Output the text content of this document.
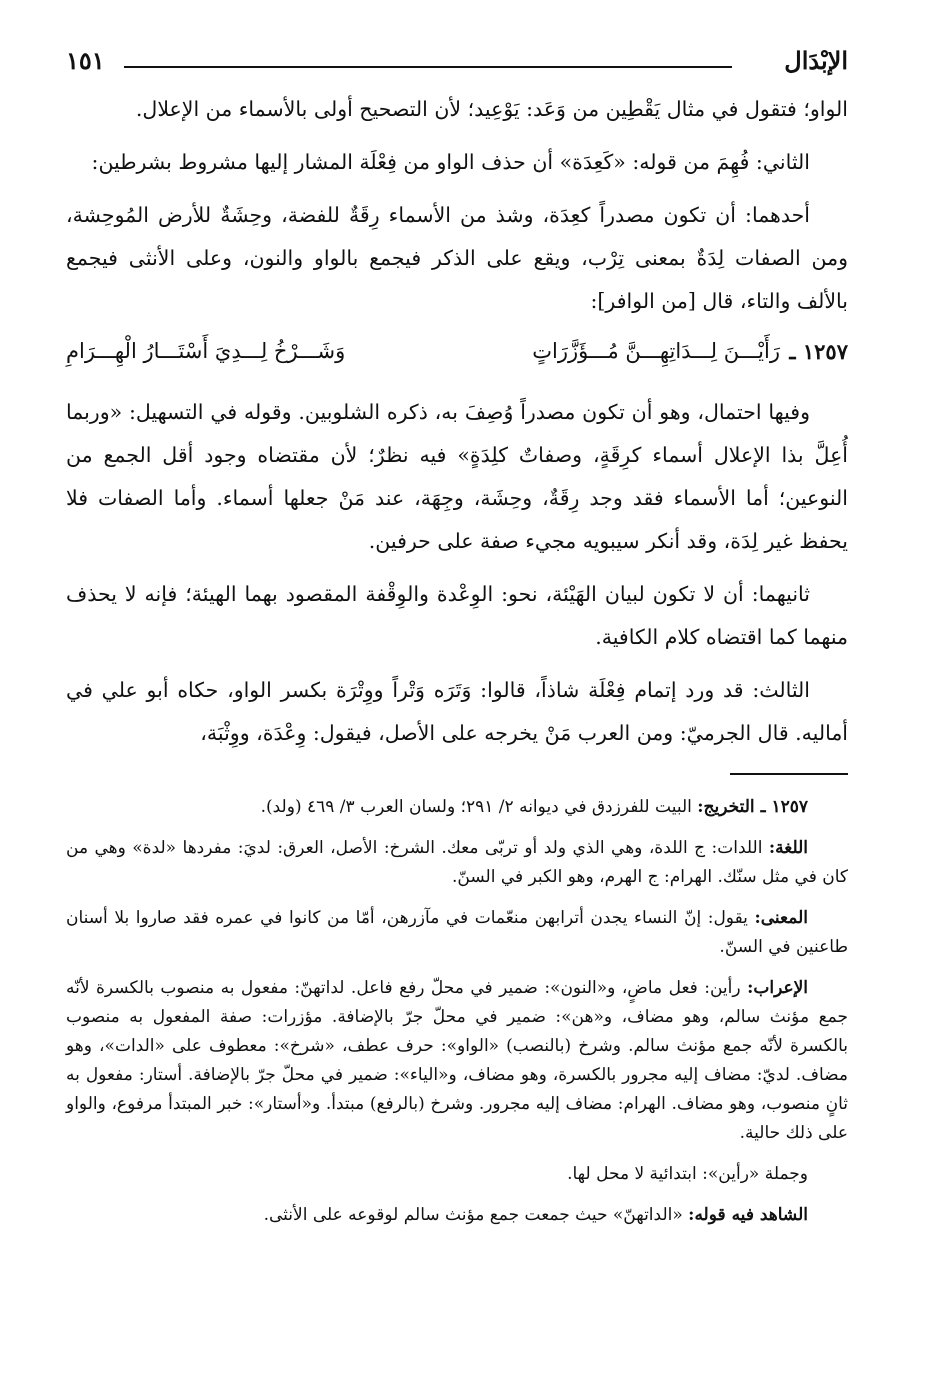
الإبْدَال
١٥١

الواو؛ فتقول في مثال يَقْطِين من وَعَد: يَوْعِيد؛ لأن التصحيح أولى بالأسماء من الإعلال.

الثاني: فُهِمَ من قوله: «كَعِدَة» أن حذف الواو من فِعْلَة المشار إليها مشروط بشرطين:

أحدهما: أن تكون مصدراً كعِدَة، وشذ من الأسماء رِقَةٌ للفضة، وحِشَةٌ للأرض المُوحِشة، ومن الصفات لِدَةٌ بمعنى تِرْب، ويقع على الذكر فيجمع بالواو والنون، وعلى الأنثى فيجمع بالألف والتاء، قال [من الوافر]:

١٢٥٧ ـ
رَأَيْـــنَ لِـــدَاتِهِـــنَّ مُـــؤَزَّرَاتٍ
وَشَـــرْخُ لِـــدِيَ أَسْتَـــارُ الْهِـــرَامِ

وفيها احتمال، وهو أن تكون مصدراً وُصِفَ به، ذكره الشلوبين. وقوله في التسهيل: «وربما أُعِلَّ بذا الإعلال أسماء كرِقَةٍ، وصفاتٌ كلِدَةٍ» فيه نظرٌ؛ لأن مقتضاه وجود أقل الجمع من النوعين؛ أما الأسماء فقد وجد رِقَةٌ، وحِشَة، وجِهَة، عند مَنْ جعلها أسماء. وأما الصفات فلا يحفظ غير لِدَة، وقد أنكر سيبويه مجيء صفة على حرفين.

ثانيهما: أن لا تكون لبيان الهَيْئة، نحو: الوِعْدة والوِقْفة المقصود بهما الهيئة؛ فإنه لا يحذف منهما كما اقتضاه كلام الكافية.

الثالث: قد ورد إتمام فِعْلَة شاذاً، قالوا: وَتَرَه وَتْراً ووِتْرَة بكسر الواو، حكاه أبو علي في أماليه. قال الجرميّ: ومن العرب مَنْ يخرجه على الأصل، فيقول: وِعْدَة، ووِثْبَة،

١٢٥٧ ـ التخريج: البيت للفرزدق في ديوانه ٢/ ٢٩١؛ ولسان العرب ٣/ ٤٦٩ (ولد).

اللغة: اللدات: ج اللدة، وهي الذي ولد أو تربّى معك. الشرخ: الأصل، العرق: لديَ: مفردها «لدة» وهي من كان في مثل سنّك. الهرام: ج الهرم، وهو الكبر في السنّ.

المعنى: يقول: إنّ النساء يجدن أترابهن منعّمات في مآزرهن، أمّا من كانوا في عمره فقد صاروا بلا أسنان طاعنين في السنّ.

الإعراب: رأين: فعل ماضٍ، و«النون»: ضمير في محلّ رفع فاعل. لداتهنّ: مفعول به منصوب بالكسرة لأنّه جمع مؤنث سالم، وهو مضاف، و«هن»: ضمير في محلّ جرّ بالإضافة. مؤزرات: صفة المفعول به منصوب بالكسرة لأنّه جمع مؤنث سالم. وشرخ (بالنصب) «الواو»: حرف عطف، «شرخ»: معطوف على «الدات»، وهو مضاف. لديّ: مضاف إليه مجرور بالكسرة، وهو مضاف، و«الياء»: ضمير في محلّ جرّ بالإضافة. أستار: مفعول به ثانٍ منصوب، وهو مضاف. الهرام: مضاف إليه مجرور. وشرخ (بالرفع) مبتدأ. و«أستار»: خبر المبتدأ مرفوع، والواو على ذلك حالية.

وجملة «رأين»: ابتدائية لا محل لها.

الشاهد فيه قوله: «الداتهنّ» حيث جمعت جمع مؤنث سالم لوقوعه على الأنثى.
